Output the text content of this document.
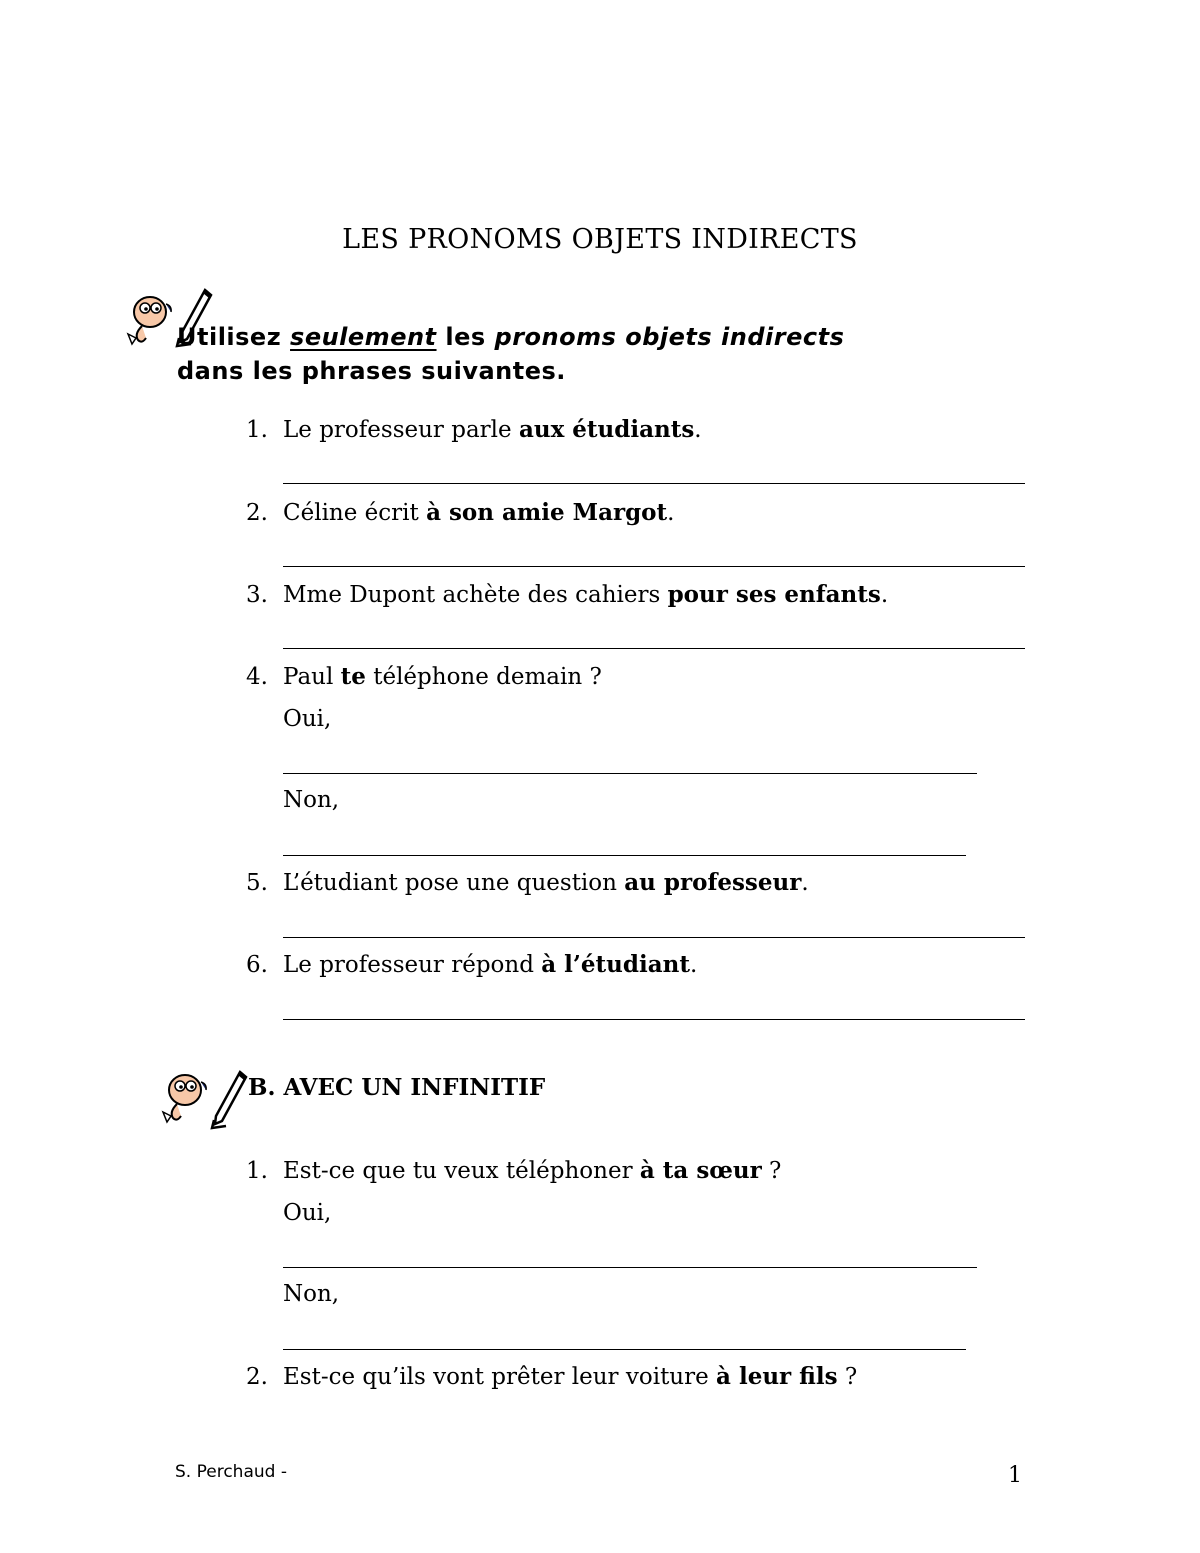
LES PRONOMS OBJETS INDIRECTS
Utilisez seulement les pronoms objets indirects
dans les phrases suivantes.
1. Le professeur parle aux étudiants.
2. Céline écrit à son amie Margot.
3. Mme Dupont achète des cahiers pour ses enfants.
4. Paul te téléphone demain ?
Oui,
Non,
5. L’étudiant pose une question au professeur.
6. Le professeur répond à l’étudiant.
B. AVEC UN INFINITIF
1. Est-ce que tu veux téléphoner à ta sœur ?
Oui,
Non,
2. Est-ce qu’ils vont prêter leur voiture à leur fils ?
S. Perchaud -	1
